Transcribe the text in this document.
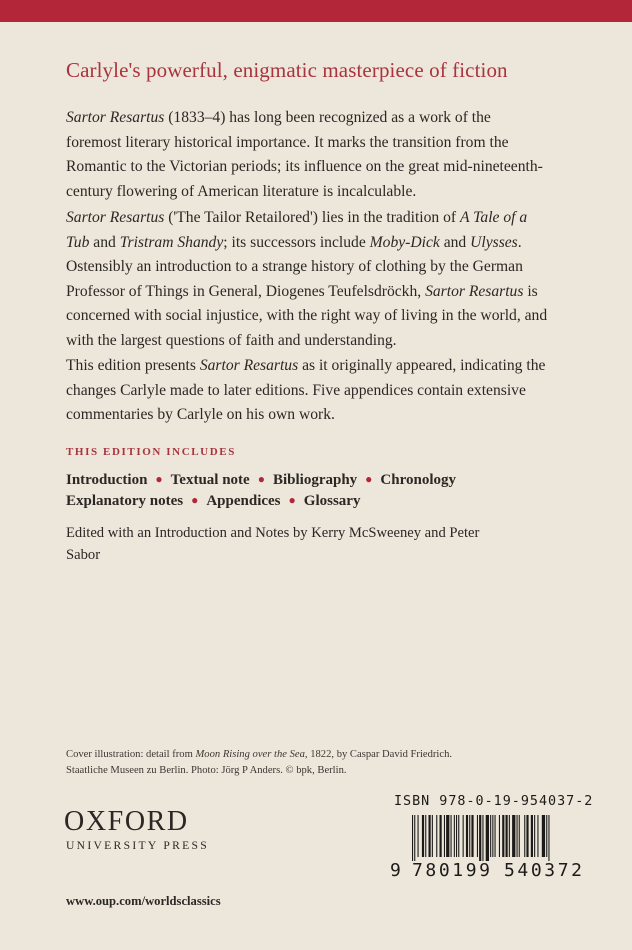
Carlyle's powerful, enigmatic masterpiece of fiction

Sartor Resartus (1833–4) has long been recognized as a work of the foremost literary historical importance. It marks the transition from the Romantic to the Victorian periods; its influence on the great mid-nineteenth-century flowering of American literature is incalculable.

Sartor Resartus ('The Tailor Retailored') lies in the tradition of A Tale of a Tub and Tristram Shandy; its successors include Moby-Dick and Ulysses. Ostensibly an introduction to a strange history of clothing by the German Professor of Things in General, Diogenes Teufelsdröckh, Sartor Resartus is concerned with social injustice, with the right way of living in the world, and with the largest questions of faith and understanding.

This edition presents Sartor Resartus as it originally appeared, indicating the changes Carlyle made to later editions. Five appendices contain extensive commentaries by Carlyle on his own work.

THIS EDITION INCLUDES
Introduction ● Textual note ● Bibliography ● Chronology
Explanatory notes ● Appendices ● Glossary
Edited with an Introduction and Notes by Kerry McSweeney and Peter Sabor
Cover illustration: detail from Moon Rising over the Sea, 1822, by Caspar David Friedrich. Staatliche Museen zu Berlin. Photo: Jörg P Anders. © bpk, Berlin.
OXFORD
UNIVERSITY PRESS
www.oup.com/worldsclassics
ISBN 978-0-19-954037-2
9 780199 540372
